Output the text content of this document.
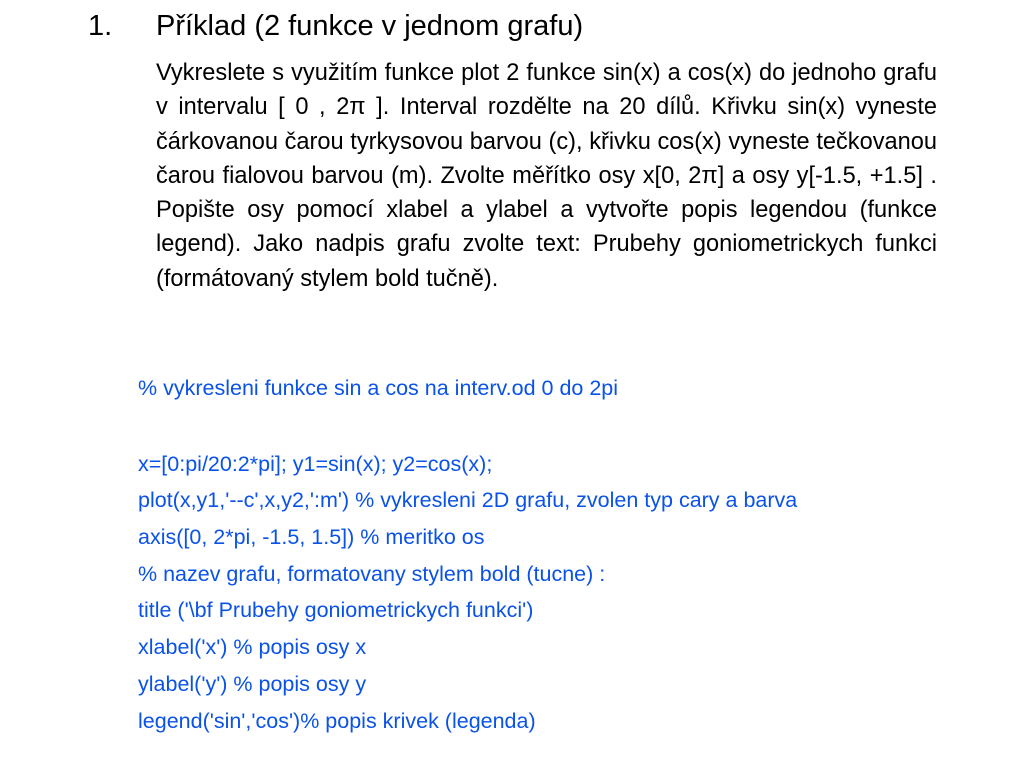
1. Příklad (2 funkce v jednom grafu)

Vykreslete s využitím funkce plot 2 funkce sin(x) a cos(x) do jednoho grafu v intervalu [ 0 , 2π ]. Interval rozdělte na 20 dílů. Křivku sin(x) vyneste čárkovanou čarou tyrkysovou barvou (c), křivku cos(x) vyneste tečkovanou čarou fialovou barvou (m). Zvolte měřítko osy x[0, 2π] a osy y[-1.5, +1.5] . Popište osy pomocí xlabel a ylabel a vytvořte popis legendou (funkce legend). Jako nadpis grafu zvolte text: Prubehy goniometrickych funkci (formátovaný stylem bold tučně).

% vykresleni funkce sin a cos na interv.od 0 do 2pi
x=[0:pi/20:2*pi]; y1=sin(x); y2=cos(x);
plot(x,y1,'--c',x,y2,':m') % vykresleni 2D grafu, zvolen typ cary a barva
axis([0, 2*pi, -1.5, 1.5]) % meritko os
% nazev grafu, formatovany stylem bold (tucne) :
title ('\bf Prubehy goniometrickych funkci')
xlabel('x') % popis osy x
ylabel('y') % popis osy y
legend('sin','cos')% popis krivek (legenda)
